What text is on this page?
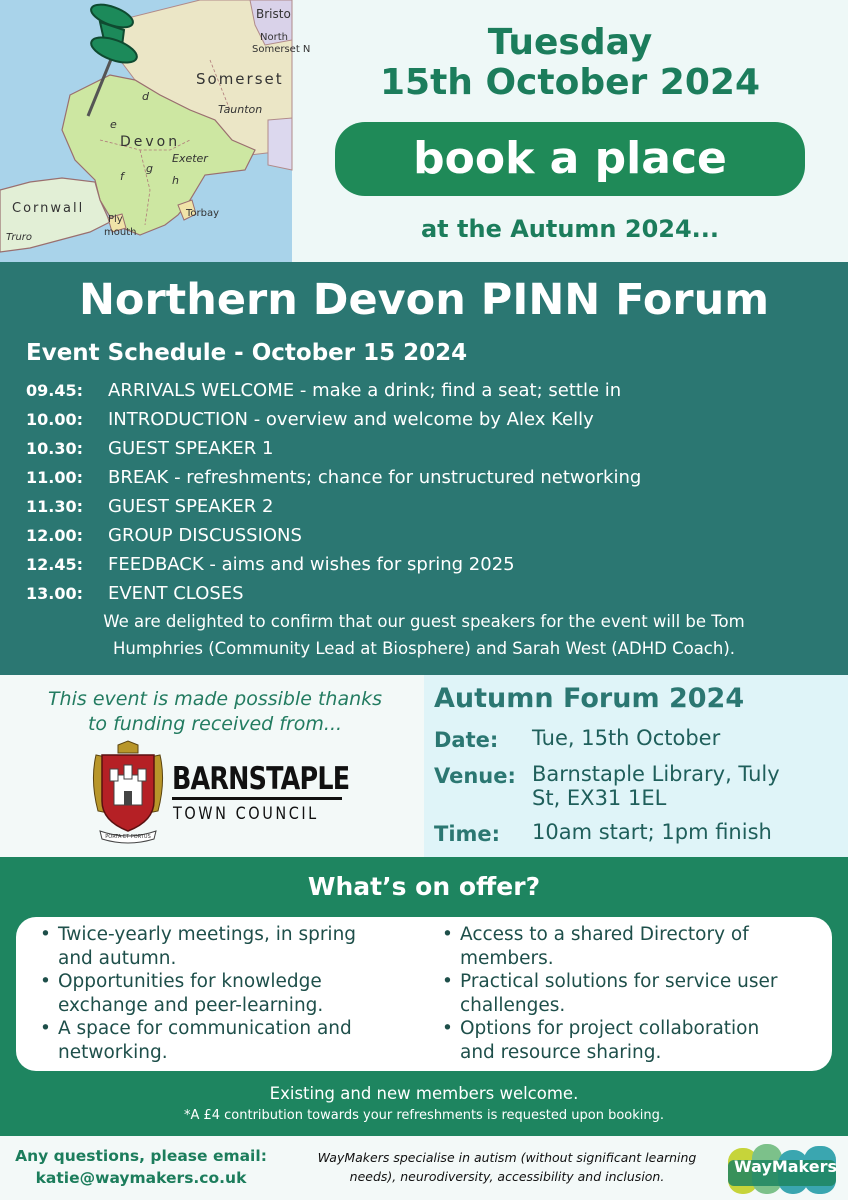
Bristo
North
Somerset N
Somerset
Taunton
Devon
Exeter
Cornwall
Ply
mouth
Torbay
Truro
d
e
f
g
h
Tuesday
15th October 2024
book a place
at the Autumn 2024...
Northern Devon PINN Forum
Event Schedule - October 15 2024
09.45: ARRIVALS WELCOME - make a drink; find a seat; settle in
10.00: INTRODUCTION - overview and welcome by Alex Kelly
10.30: GUEST SPEAKER 1
11.00: BREAK - refreshments; chance for unstructured networking
11.30: GUEST SPEAKER 2
12.00: GROUP DISCUSSIONS
12.45: FEEDBACK - aims and wishes for spring 2025
13.00: EVENT CLOSES
We are delighted to confirm that our guest speakers for the event will be Tom
Humphries (Community Lead at Biosphere) and Sarah West (ADHD Coach).
This event is made possible thanks
to funding received from...
PORTA ET PORTUS
BARNSTAPLE
TOWN COUNCIL
Autumn Forum 2024
Date: Tue, 15th October
Venue: Barnstaple Library, Tuly
St, EX31 1EL
Time: 10am start; 1pm finish
What’s on offer?
• Twice-yearly meetings, in spring
and autumn.
• Opportunities for knowledge
exchange and peer-learning.
• A space for communication and
networking.
• Access to a shared Directory of
members.
• Practical solutions for service user
challenges.
• Options for project collaboration
and resource sharing.
Existing and new members welcome.
*A £4 contribution towards your refreshments is requested upon booking.
Any questions, please email:
katie@waymakers.co.uk
WayMakers specialise in autism (without significant learning
needs), neurodiversity, accessibility and inclusion.
WayMakers
